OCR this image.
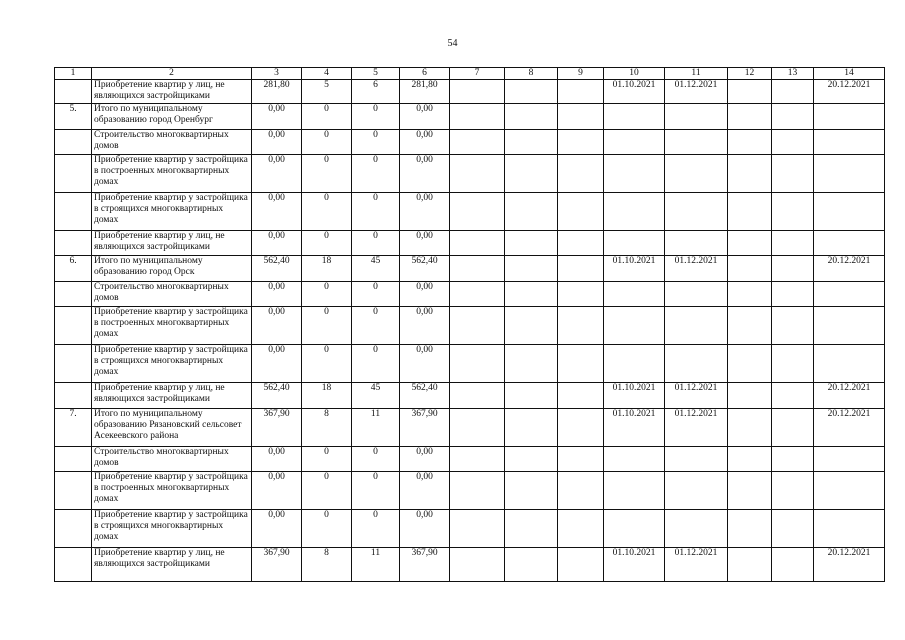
54
1	2	3	4	5	6	7	8	9	10	11	12	13	14
	Приобретение квартир у лиц, не являющихся застройщиками	281,80	5	6	281,80				01.10.2021	01.12.2021			20.12.2021
5.	Итого по муниципальному образованию город Оренбург	0,00	0	0	0,00								
	Строительство многоквартирных домов	0,00	0	0	0,00								
	Приобретение квартир у застройщика в построенных многоквартирных домах	0,00	0	0	0,00								
	Приобретение квартир у застройщика в строящихся многоквартирных домах	0,00	0	0	0,00								
	Приобретение квартир у лиц, не являющихся застройщиками	0,00	0	0	0,00								
6.	Итого по муниципальному образованию город Орск	562,40	18	45	562,40				01.10.2021	01.12.2021			20.12.2021
	Строительство многоквартирных домов	0,00	0	0	0,00								
	Приобретение квартир у застройщика в построенных многоквартирных домах	0,00	0	0	0,00								
	Приобретение квартир у застройщика в строящихся многоквартирных домах	0,00	0	0	0,00								
	Приобретение квартир у лиц, не являющихся застройщиками	562,40	18	45	562,40				01.10.2021	01.12.2021			20.12.2021
7.	Итого по муниципальному образованию Рязановский сельсовет Асекеевского района	367,90	8	11	367,90				01.10.2021	01.12.2021			20.12.2021
	Строительство многоквартирных домов	0,00	0	0	0,00								
	Приобретение квартир у застройщика в построенных многоквартирных домах	0,00	0	0	0,00								
	Приобретение квартир у застройщика в строящихся многоквартирных домах	0,00	0	0	0,00								
	Приобретение квартир у лиц, не являющихся застройщиками	367,90	8	11	367,90				01.10.2021	01.12.2021			20.12.2021
